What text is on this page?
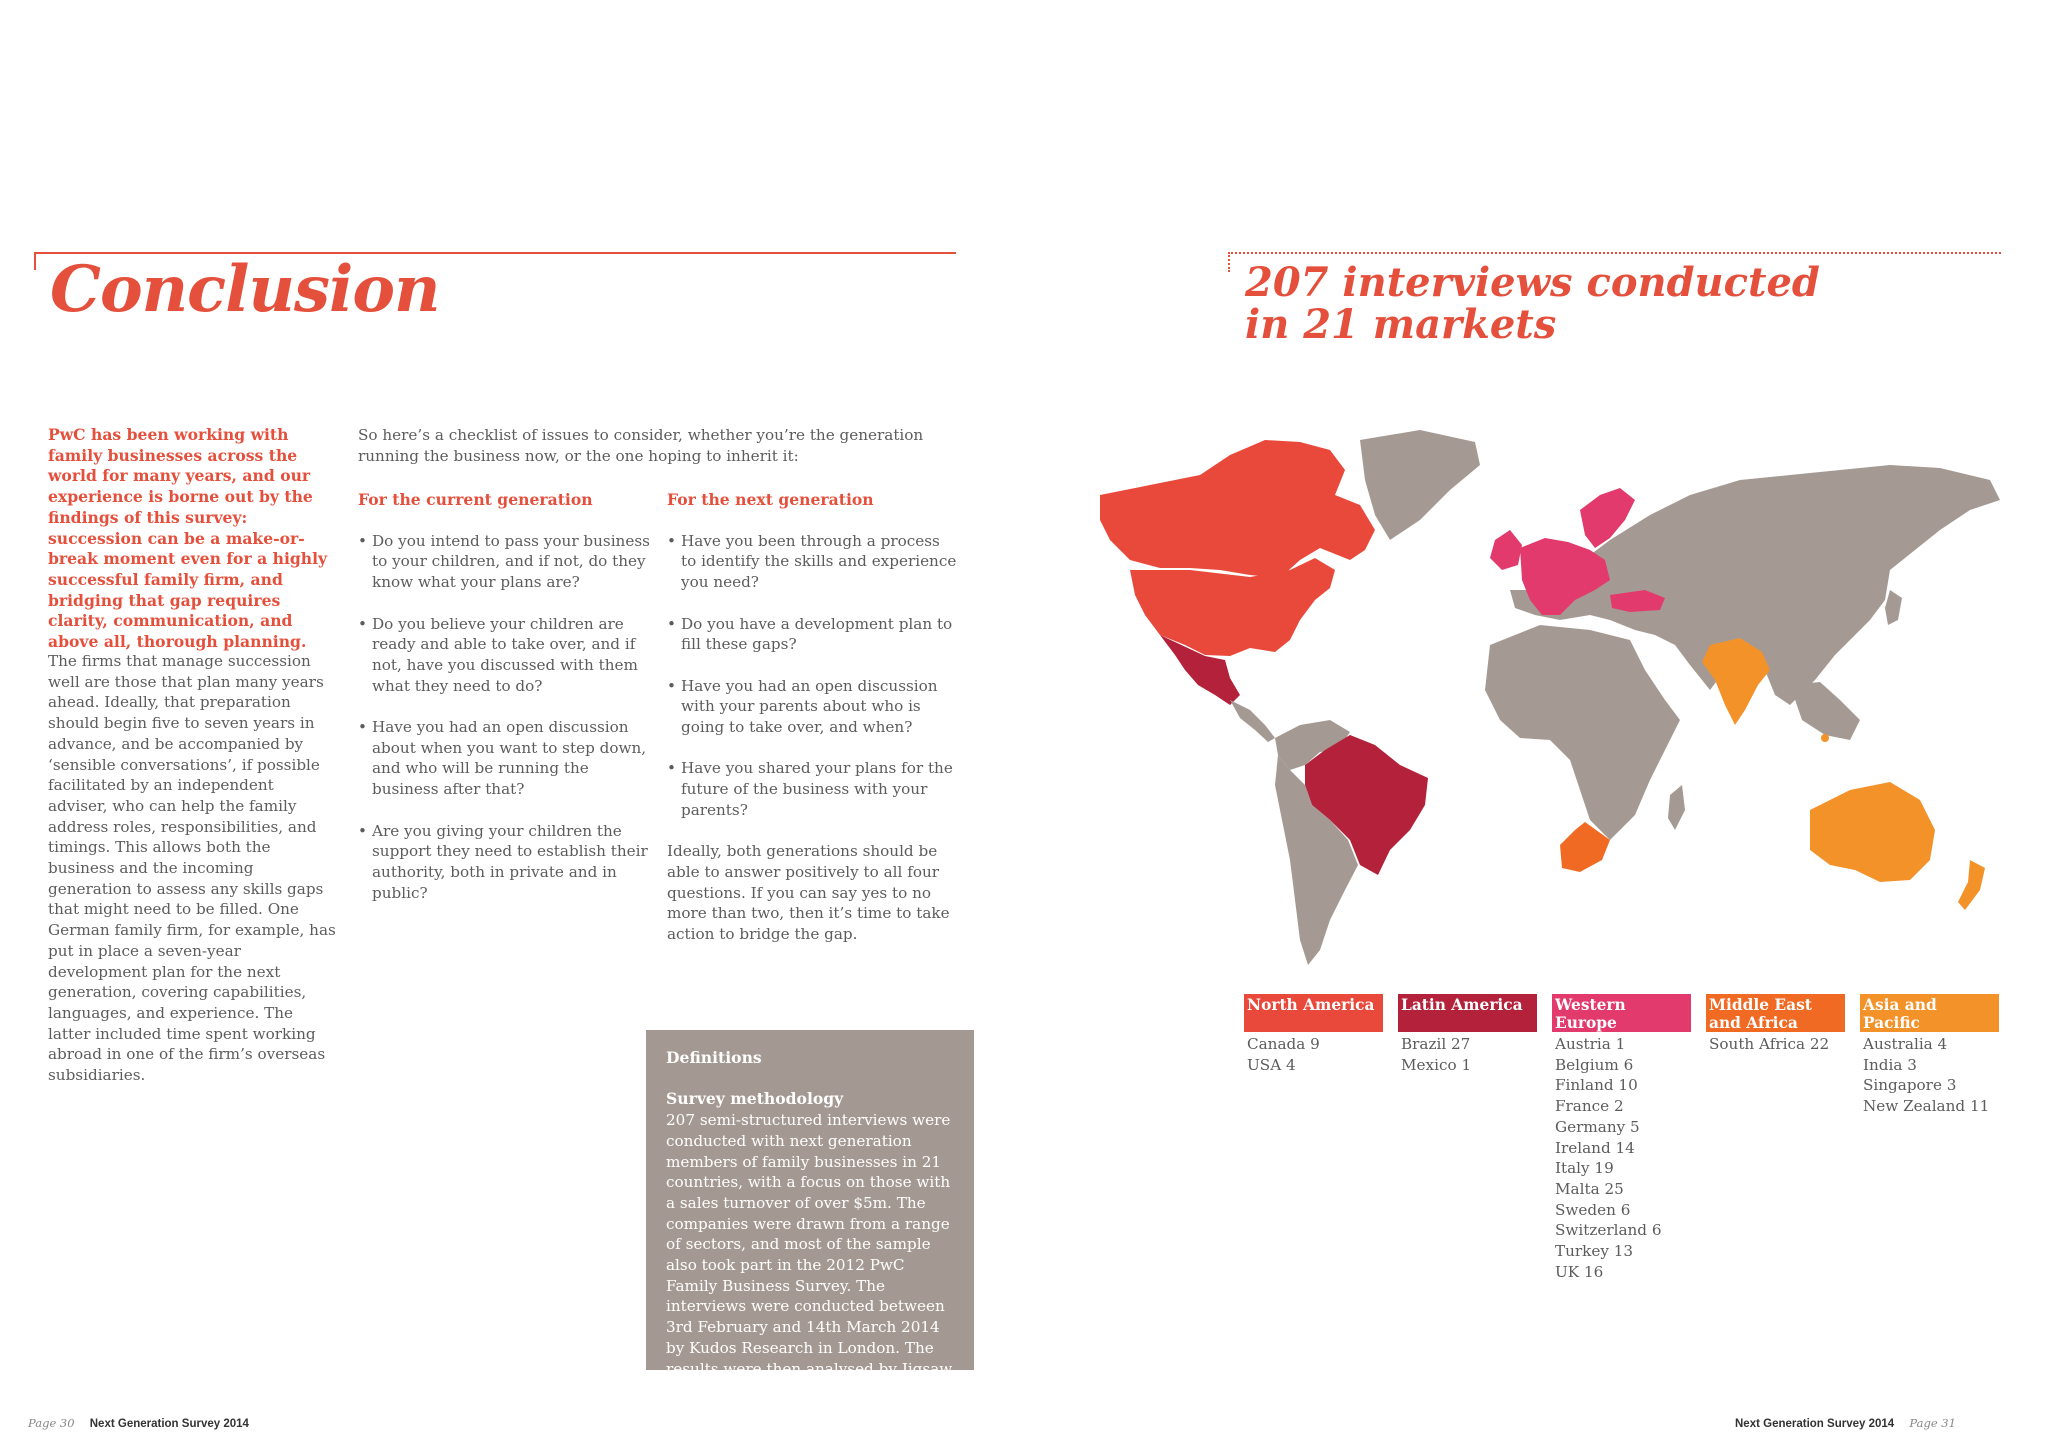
Conclusion
PwC has been working with family businesses across the world for many years, and our experience is borne out by the findings of this survey: succession can be a make-or-break moment even for a highly successful family firm, and bridging that gap requires clarity, communication, and above all, thorough planning.
The firms that manage succession well are those that plan many years ahead. Ideally, that preparation should begin five to seven years in advance, and be accompanied by ‘sensible conversations’, if possible facilitated by an independent adviser, who can help the family address roles, responsibilities, and timings. This allows both the business and the incoming generation to assess any skills gaps that might need to be filled. One German family firm, for example, has put in place a seven-year development plan for the next generation, covering capabilities, languages, and experience. The latter included time spent working abroad in one of the firm’s overseas subsidiaries.
So here’s a checklist of issues to consider, whether you’re the generation running the business now, or the one hoping to inherit it:
For the current generation
• Do you intend to pass your business to your children, and if not, do they know what your plans are?
• Do you believe your children are ready and able to take over, and if not, have you discussed with them what they need to do?
• Have you had an open discussion about when you want to step down, and who will be running the business after that?
• Are you giving your children the support they need to establish their authority, both in private and in public?
For the next generation
• Have you been through a process to identify the skills and experience you need?
• Do you have a development plan to fill these gaps?
• Have you had an open discussion with your parents about who is going to take over, and when?
• Have you shared your plans for the future of the business with your parents?
Ideally, both generations should be able to answer positively to all four questions. If you can say yes to no more than two, then it’s time to take action to bridge the gap.
Definitions
Survey methodology
207 semi-structured interviews were conducted with next generation members of family businesses in 21 countries, with a focus on those with a sales turnover of over $5m. The companies were drawn from a range of sectors, and most of the sample also took part in the 2012 PwC Family Business Survey. The interviews were conducted between 3rd February and 14th March 2014 by Kudos Research in London. The results were then analysed by Jigsaw Research.
Page 30 Next Generation Survey 2014
207 interviews conducted
in 21 markets
North America
Canada 9
USA 4
Latin America
Brazil 27
Mexico 1
Western Europe
Austria 1
Belgium 6
Finland 10
France 2
Germany 5
Ireland 14
Italy 19
Malta 25
Sweden 6
Switzerland 6
Turkey 13
UK 16
Middle East and Africa
South Africa 22
Asia and Pacific
Australia 4
India 3
Singapore 3
New Zealand 11
Next Generation Survey 2014 Page 31
